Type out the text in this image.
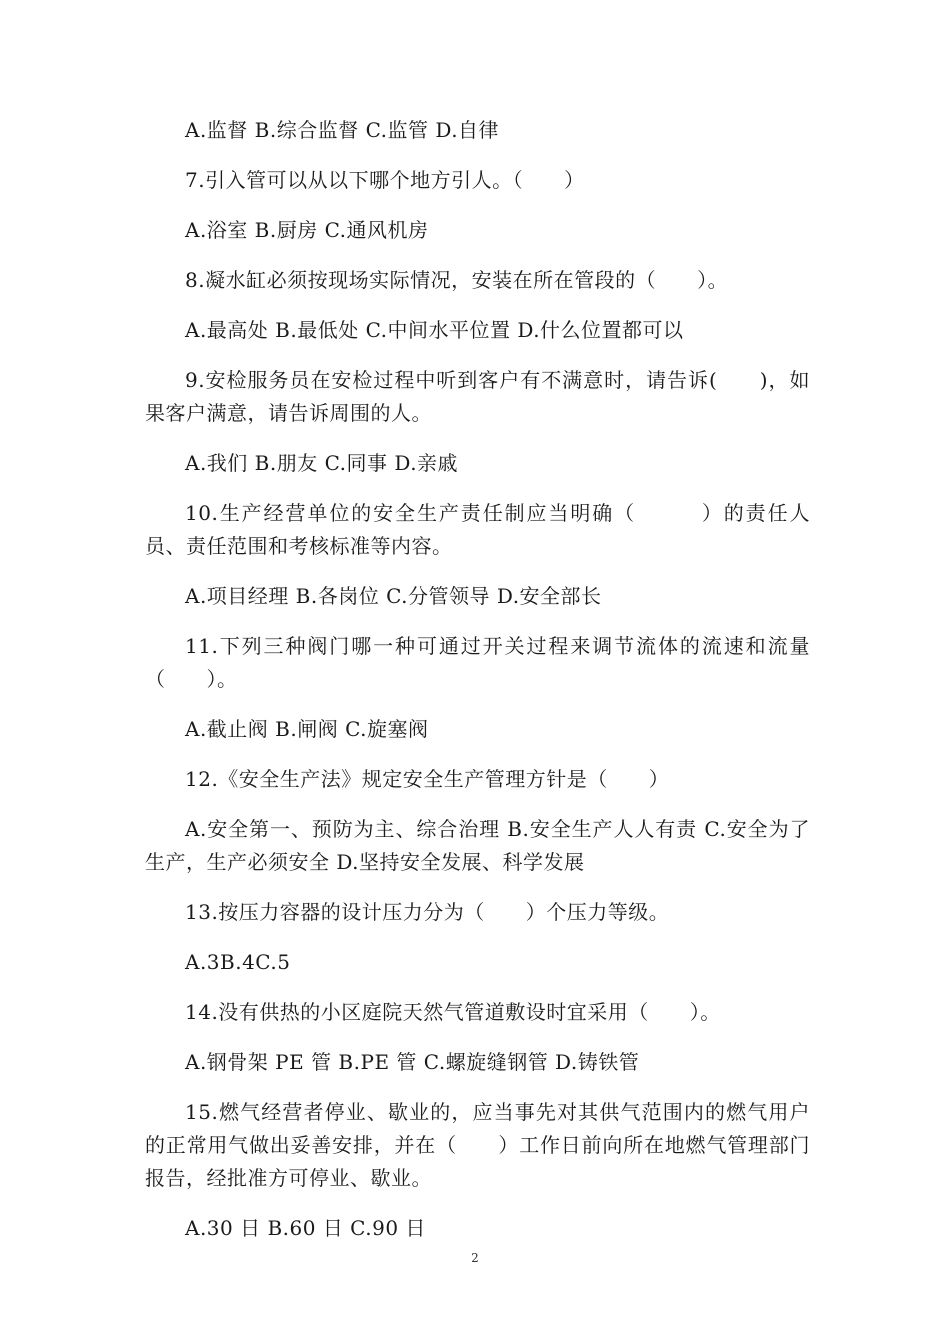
A.监督 B.综合监督 C.监管 D.自律

7.引入管可以从以下哪个地方引人。（　　）

A.浴室 B.厨房 C.通风机房

8.凝水缸必须按现场实际情况，安装在所在管段的（　　）。

A.最高处 B.最低处 C.中间水平位置 D.什么位置都可以

9.安检服务员在安检过程中听到客户有不满意时，请告诉(　　)，如果客户满意，请告诉周围的人。

A.我们 B.朋友 C.同事 D.亲戚

10.生产经营单位的安全生产责任制应当明确（　　　）的责任人员、责任范围和考核标准等内容。

A.项目经理 B.各岗位 C.分管领导 D.安全部长

11.下列三种阀门哪一种可通过开关过程来调节流体的流速和流量（　　）。

A.截止阀 B.闸阀 C.旋塞阀

12.《安全生产法》规定安全生产管理方针是（　　）

A.安全第一、预防为主、综合治理 B.安全生产人人有责 C.安全为了生产，生产必须安全 D.坚持安全发展、科学发展

13.按压力容器的设计压力分为（　　）个压力等级。

A.3B.4C.5

14.没有供热的小区庭院天然气管道敷设时宜采用（　　）。

A.钢骨架 PE 管 B.PE 管 C.螺旋缝钢管 D.铸铁管

15.燃气经营者停业、歇业的，应当事先对其供气范围内的燃气用户的正常用气做出妥善安排，并在（　　）工作日前向所在地燃气管理部门报告，经批准方可停业、歇业。

A.30 日 B.60 日 C.90 日

2
